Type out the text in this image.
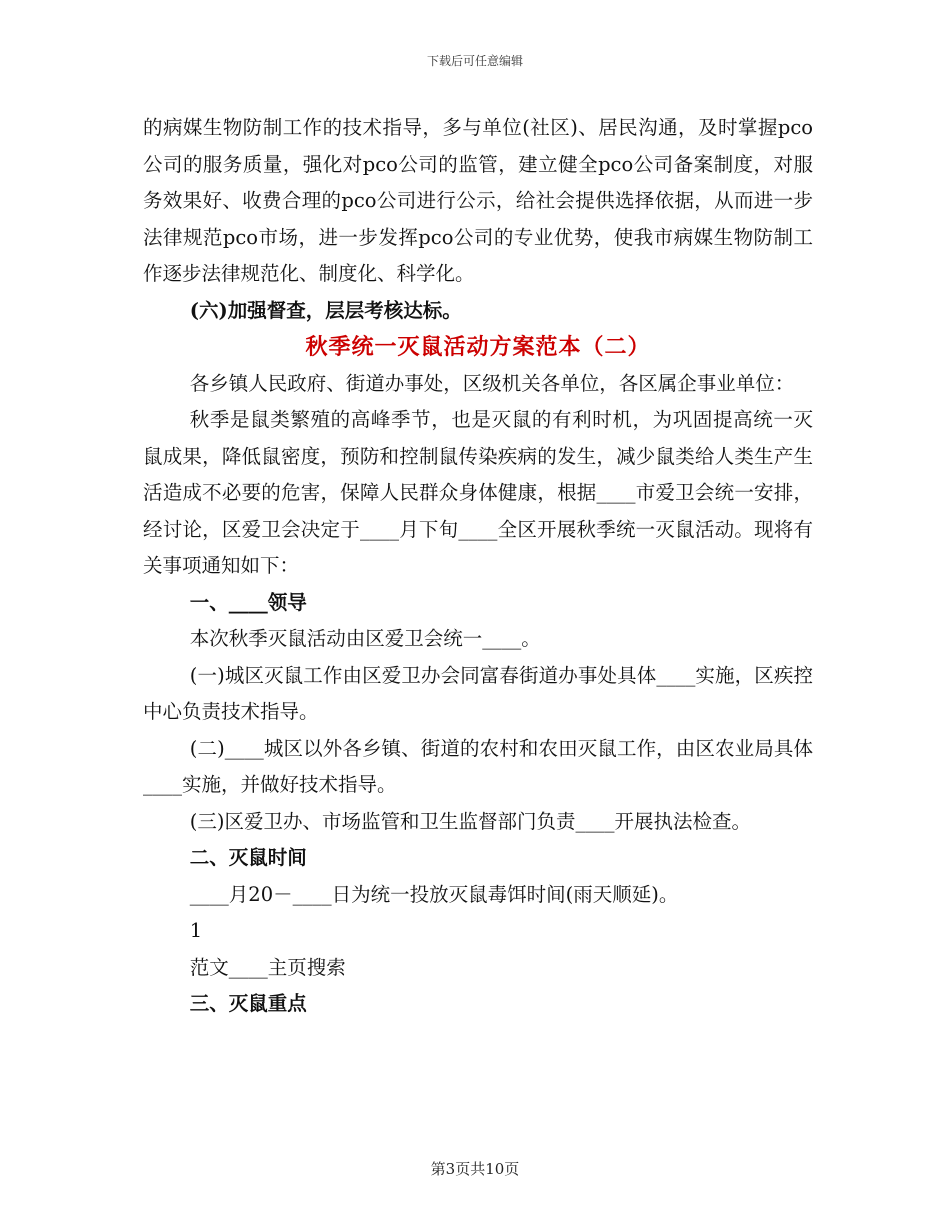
下载后可任意编辑

的病媒生物防制工作的技术指导，多与单位(社区)、居民沟通，及时掌握pco公司的服务质量，强化对pco公司的监管，建立健全pco公司备案制度，对服务效果好、收费合理的pco公司进行公示，给社会提供选择依据，从而进一步法律规范pco市场，进一步发挥pco公司的专业优势，使我市病媒生物防制工作逐步法律规范化、制度化、科学化。

(六)加强督查，层层考核达标。

秋季统一灭鼠活动方案范本（二）

各乡镇人民政府、街道办事处，区级机关各单位，各区属企事业单位：

秋季是鼠类繁殖的高峰季节，也是灭鼠的有利时机，为巩固提高统一灭鼠成果，降低鼠密度，预防和控制鼠传染疾病的发生，减少鼠类给人类生产生活造成不必要的危害，保障人民群众身体健康，根据____市爱卫会统一安排，经讨论，区爱卫会决定于____月下旬____全区开展秋季统一灭鼠活动。现将有关事项通知如下：

一、____领导

本次秋季灭鼠活动由区爱卫会统一____。

(一)城区灭鼠工作由区爱卫办会同富春街道办事处具体____实施，区疾控中心负责技术指导。

(二)____城区以外各乡镇、街道的农村和农田灭鼠工作，由区农业局具体____实施，并做好技术指导。

(三)区爱卫办、市场监管和卫生监督部门负责____开展执法检查。

二、灭鼠时间

____月20－____日为统一投放灭鼠毒饵时间(雨天顺延)。

1

范文____主页搜索

三、灭鼠重点

第3页共10页
